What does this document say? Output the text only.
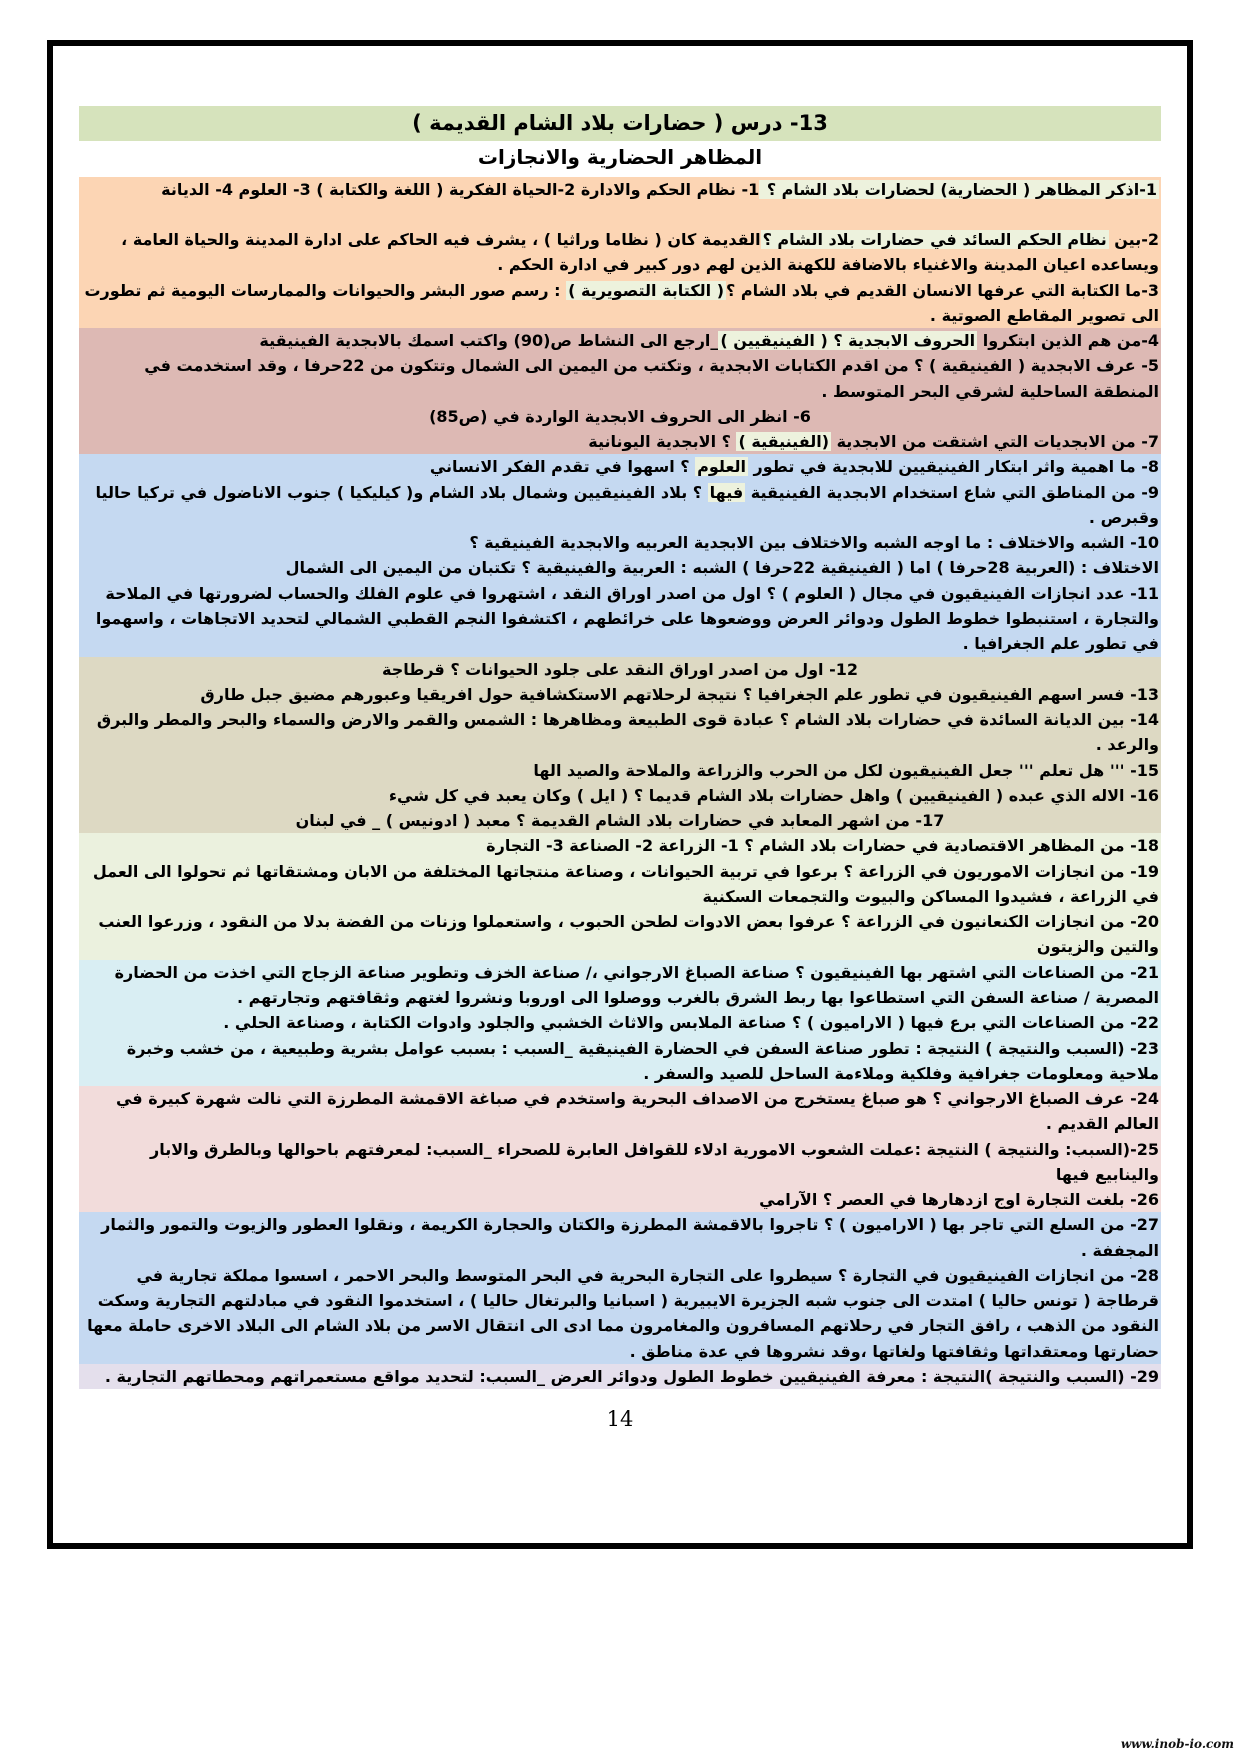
13- درس ( حضارات بلاد الشام القديمة )
المظاهر الحضارية والانجازات
1-اذكر المظاهر ( الحضارية) لحضارات بلاد الشام ؟ 1- نظام الحكم والادارة 2-الحياة الفكرية ( اللغة والكتابة ) 3- العلوم 4- الديانة
2-بين نظام الحكم السائد في حضارات بلاد الشام ؟القديمة كان ( نظاما وراثيا ) ، يشرف فيه الحاكم على ادارة المدينة والحياة العامة ، ويساعده اعيان المدينة والاغنياء بالاضافة للكهنة الذين لهم دور كبير في ادارة الحكم .
3-ما الكتابة التي عرفها الانسان القديم في بلاد الشام ؟( الكتابة التصويرية ) : رسم صور البشر والحيوانات والممارسات اليومية ثم تطورت الى تصوير المقاطع الصوتية .
4-من هم الذين ابتكروا الحروف الابجدية ؟ ( الفينيقيين )_ارجع الى النشاط ص(90) واكتب اسمك بالابجدية الفينيقية
5- عرف الابجدية ( الفينيقية ) ؟ من اقدم الكتابات الابجدية ، وتكتب من اليمين الى الشمال وتتكون من 22حرفا ، وقد استخدمت في المنطقة الساحلية لشرقي البحر المتوسط .
6- انظر الى الحروف الابجدية الواردة في (ص85)
7- من الابجديات التي اشتقت من الابجدية (الفينيقية ) ؟ الابجدية اليونانية
8- ما اهمية واثر ابتكار الفينيقيين للابجدية في تطور العلوم ؟ اسهوا في تقدم الفكر الانساني
9- من المناطق التي شاع استخدام الابجدية الفينيقية فيها ؟ بلاد الفينيقيين وشمال بلاد الشام و( كيليكيا ) جنوب الاناضول في تركيا حاليا وقبرص .
10- الشبه والاختلاف : ما اوجه الشبه والاختلاف بين الابجدية العربيه والابجدية الفينيقية ؟
الاختلاف : (العربية 28حرفا ) اما ( الفينيقية 22حرفا ) الشبه : العربية والفينيقية ؟ تكتبان من اليمين الى الشمال
11- عدد انجازات الفينيقيون في مجال ( العلوم ) ؟ اول من اصدر اوراق النقد ، اشتهروا في علوم الفلك والحساب لضرورتها في الملاحة والتجارة ، استنبطوا خطوط الطول ودوائر العرض ووضعوها على خرائطهم ، اكتشفوا النجم القطبي الشمالي لتحديد الاتجاهات ، واسهموا في تطور علم الجغرافيا .
12- اول من اصدر اوراق النقد على جلود الحيوانات ؟ قرطاجة
13- فسر اسهم الفينيقيون في تطور علم الجغرافيا ؟ نتيجة لرحلاتهم الاستكشافية حول افريقيا وعبورهم مضيق جبل طارق
14- بين الديانة السائدة في حضارات بلاد الشام ؟ عبادة قوى الطبيعة ومظاهرها : الشمس والقمر والارض والسماء والبحر والمطر والبرق والرعد .
15- ''' هل تعلم ''' جعل الفينيقيون لكل من الحرب والزراعة والملاحة والصيد الها
16- الاله الذي عبده ( الفينيقيين ) واهل حضارات بلاد الشام قديما ؟ ( ايل ) وكان يعبد في كل شيء
17- من اشهر المعابد في حضارات بلاد الشام القديمة ؟ معبد ( ادونيس ) _ في لبنان
18- من المظاهر الاقتصادية في حضارات بلاد الشام ؟ 1- الزراعة 2- الصناعة 3- التجارة
19- من انجازات الاموريون في الزراعة ؟ برعوا في تربية الحيوانات ، وصناعة منتجاتها المختلفة من الابان ومشتقاتها ثم تحولوا الى العمل في الزراعة ، فشيدوا المساكن والبيوت والتجمعات السكنية
20- من انجازات الكنعانيون في الزراعة ؟ عرفوا بعض الادوات لطحن الحبوب ، واستعملوا وزنات من الفضة بدلا من النقود ، وزرعوا العنب والتين والزيتون
21- من الصناعات التي اشتهر بها الفينيقيون ؟ صناعة الصباغ الارجواني ،/ صناعة الخزف وتطوير صناعة الزجاج التي اخذت من الحضارة المصرية / صناعة السفن التي استطاعوا بها ربط الشرق بالغرب ووصلوا الى اوروبا ونشروا لغتهم وثقافتهم وتجارتهم .
22- من الصناعات التي برع فيها ( الاراميون ) ؟ صناعة الملابس والاثاث الخشبي والجلود وادوات الكتابة ، وصناعة الحلي .
23- (السبب والنتيجة ) النتيجة : تطور صناعة السفن في الحضارة الفينيقية _السبب : بسبب عوامل بشرية وطبيعية ، من خشب وخبرة ملاحية ومعلومات جغرافية وفلكية وملاءمة الساحل للصيد والسفر .
24- عرف الصباغ الارجواني ؟ هو صباغ يستخرج من الاصداف البحرية واستخدم في صباغة الاقمشة المطرزة التي نالت شهرة كبيرة في العالم القديم .
25-(السبب: والنتيجة ) النتيجة :عملت الشعوب الامورية ادلاء للقوافل العابرة للصحراء _السبب: لمعرفتهم باحوالها وبالطرق والابار والينابيع فيها
26- بلغت التجارة اوج ازدهارها في العصر ؟ الآرامي
27- من السلع التي تاجر بها ( الاراميون ) ؟ تاجروا بالاقمشة المطرزة والكتان والحجارة الكريمة ، ونقلوا العطور والزيوت والتمور والثمار المجففة .
28- من انجازات الفينيقيون في التجارة ؟ سيطروا على التجارة البحرية في البحر المتوسط والبحر الاحمر ، اسسوا مملكة تجارية في قرطاجة ( تونس حاليا ) امتدت الى جنوب شبه الجزيرة الايبيرية ( اسبانيا والبرتغال حاليا ) ، استخدموا النقود في مبادلتهم التجارية وسكت النقود من الذهب ، رافق التجار في رحلاتهم المسافرون والمغامرون مما ادى الى انتقال الاسر من بلاد الشام الى البلاد الاخرى حاملة معها حضارتها ومعتقداتها وثقافتها ولغاتها ،وقد نشروها في عدة مناطق .
29- (السبب والنتيجة )النتيجة : معرفة الفينيقيين خطوط الطول ودوائر العرض _السبب: لتحديد مواقع مستعمراتهم ومحطاتهم التجارية .
14
www.inob-io.com
